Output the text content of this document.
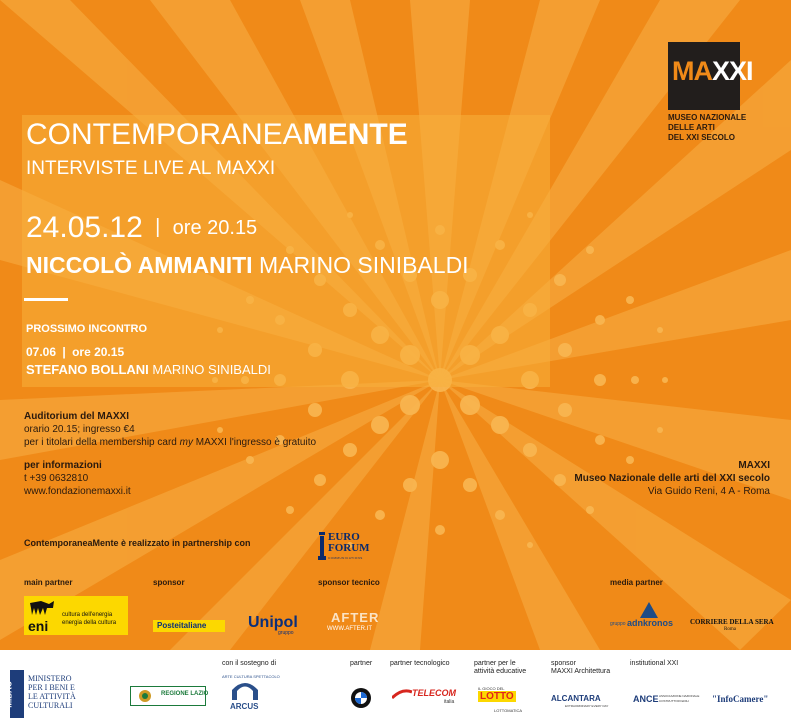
CONTEMPORANEAMENTE
INTERVISTE LIVE AL MAXXI
24.05.12 | ore 20.15
NICCOLÒ AMMANITI MARINO SINIBALDI
PROSSIMO INCONTRO
07.06 | ore 20.15
STEFANO BOLLANI MARINO SINIBALDI
MAXXI
MUSEO NAZIONALE
DELLE ARTI
DEL XXI SECOLO
Auditorium del MAXXI
orario 20.15; ingresso €4
per i titolari della membership card my MAXXI l'ingresso è gratuito
per informazioni
t +39 0632810
www.fondazionemaxxi.it
MAXXI
Museo Nazionale delle arti del XXI secolo
Via Guido Reni, 4 A - Roma
ContemporaneaMente è realizzato in partnership con	EURO
FORUM
COMMUNICATIONS
main partner	sponsor	sponsor tecnico	media partner
eni
cultura dell'energia
energia della cultura	Posteitaliane	Unipol
gruppo
AFTER
WWW.AFTER.IT
gruppo adnkronos CORRIERE DELLA SERA
Roma
MiBAC
MINISTERO
PER I BENI E
LE ATTIVITÀ
CULTURALI
REGIONE LAZIO
con il sostegno di
ARTE CULTURA SPETTACOLO
ARCUS
partner	partner tecnologico
TELECOM
italia
partner per le
attività educative
IL GIOCO DEL
LOTTO
LOTTOMATICA
sponsor
MAXXI Architettura
ALCANTARA
EXTRAORDINARY EVERY DAY
institutional XXI
ANCE ASSOCIAZIONE NAZIONALE
COSTRUTTORI EDILI	"InfoCamere"
